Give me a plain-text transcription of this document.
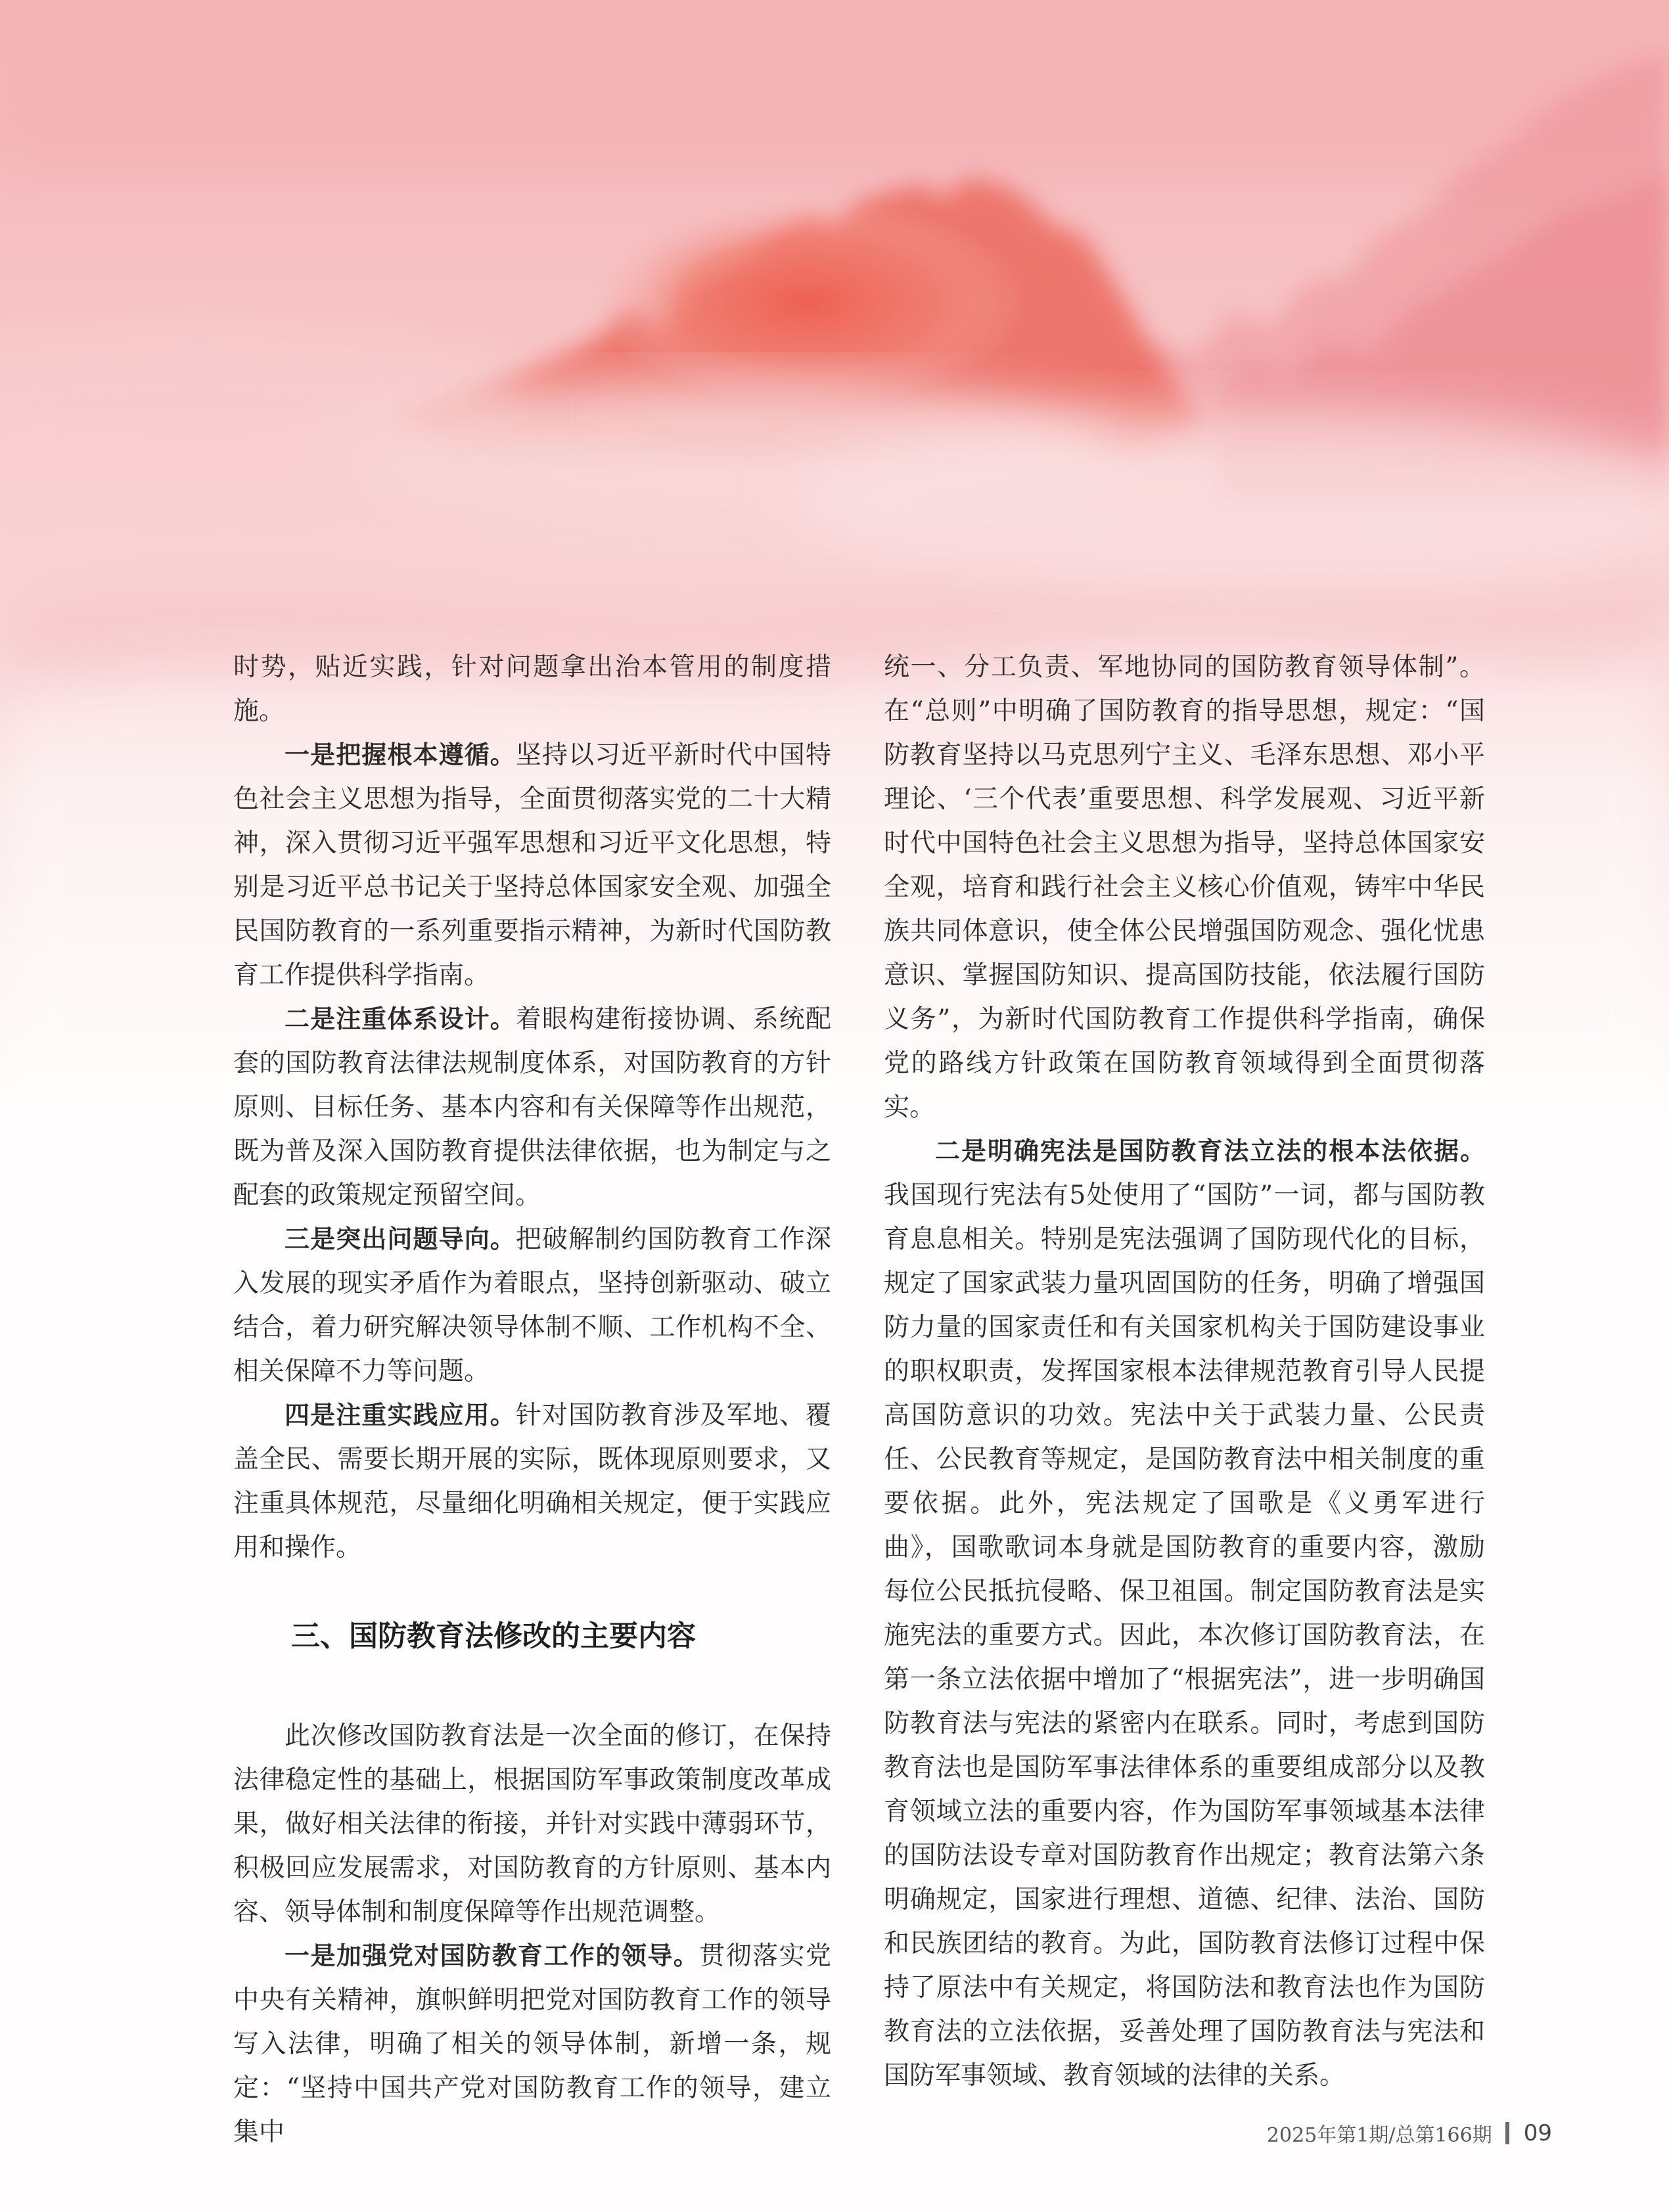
时势，贴近实践，针对问题拿出治本管用的制度措施。

一是把握根本遵循。坚持以习近平新时代中国特色社会主义思想为指导，全面贯彻落实党的二十大精神，深入贯彻习近平强军思想和习近平文化思想，特别是习近平总书记关于坚持总体国家安全观、加强全民国防教育的一系列重要指示精神，为新时代国防教育工作提供科学指南。

二是注重体系设计。着眼构建衔接协调、系统配套的国防教育法律法规制度体系，对国防教育的方针原则、目标任务、基本内容和有关保障等作出规范，既为普及深入国防教育提供法律依据，也为制定与之配套的政策规定预留空间。

三是突出问题导向。把破解制约国防教育工作深入发展的现实矛盾作为着眼点，坚持创新驱动、破立结合，着力研究解决领导体制不顺、工作机构不全、相关保障不力等问题。

四是注重实践应用。针对国防教育涉及军地、覆盖全民、需要长期开展的实际，既体现原则要求，又注重具体规范，尽量细化明确相关规定，便于实践应用和操作。

三、国防教育法修改的主要内容

此次修改国防教育法是一次全面的修订，在保持法律稳定性的基础上，根据国防军事政策制度改革成果，做好相关法律的衔接，并针对实践中薄弱环节，积极回应发展需求，对国防教育的方针原则、基本内容、领导体制和制度保障等作出规范调整。

一是加强党对国防教育工作的领导。贯彻落实党中央有关精神，旗帜鲜明把党对国防教育工作的领导写入法律，明确了相关的领导体制，新增一条，规定：“坚持中国共产党对国防教育工作的领导，建立集中

统一、分工负责、军地协同的国防教育领导体制”。在“总则”中明确了国防教育的指导思想，规定：“国防教育坚持以马克思列宁主义、毛泽东思想、邓小平理论、‘三个代表’重要思想、科学发展观、习近平新时代中国特色社会主义思想为指导，坚持总体国家安全观，培育和践行社会主义核心价值观，铸牢中华民族共同体意识，使全体公民增强国防观念、强化忧患意识、掌握国防知识、提高国防技能，依法履行国防义务”，为新时代国防教育工作提供科学指南，确保党的路线方针政策在国防教育领域得到全面贯彻落实。

二是明确宪法是国防教育法立法的根本法依据。我国现行宪法有5处使用了“国防”一词，都与国防教育息息相关。特别是宪法强调了国防现代化的目标，规定了国家武装力量巩固国防的任务，明确了增强国防力量的国家责任和有关国家机构关于国防建设事业的职权职责，发挥国家根本法律规范教育引导人民提高国防意识的功效。宪法中关于武装力量、公民责任、公民教育等规定，是国防教育法中相关制度的重要依据。此外，宪法规定了国歌是《义勇军进行曲》，国歌歌词本身就是国防教育的重要内容，激励每位公民抵抗侵略、保卫祖国。制定国防教育法是实施宪法的重要方式。因此，本次修订国防教育法，在第一条立法依据中增加了“根据宪法”，进一步明确国防教育法与宪法的紧密内在联系。同时，考虑到国防教育法也是国防军事法律体系的重要组成部分以及教育领域立法的重要内容，作为国防军事领域基本法律的国防法设专章对国防教育作出规定；教育法第六条明确规定，国家进行理想、道德、纪律、法治、国防和民族团结的教育。为此，国防教育法修订过程中保持了原法中有关规定，将国防法和教育法也作为国防教育法的立法依据，妥善处理了国防教育法与宪法和国防军事领域、教育领域的法律的关系。

2025年第1期/总第166期 09
